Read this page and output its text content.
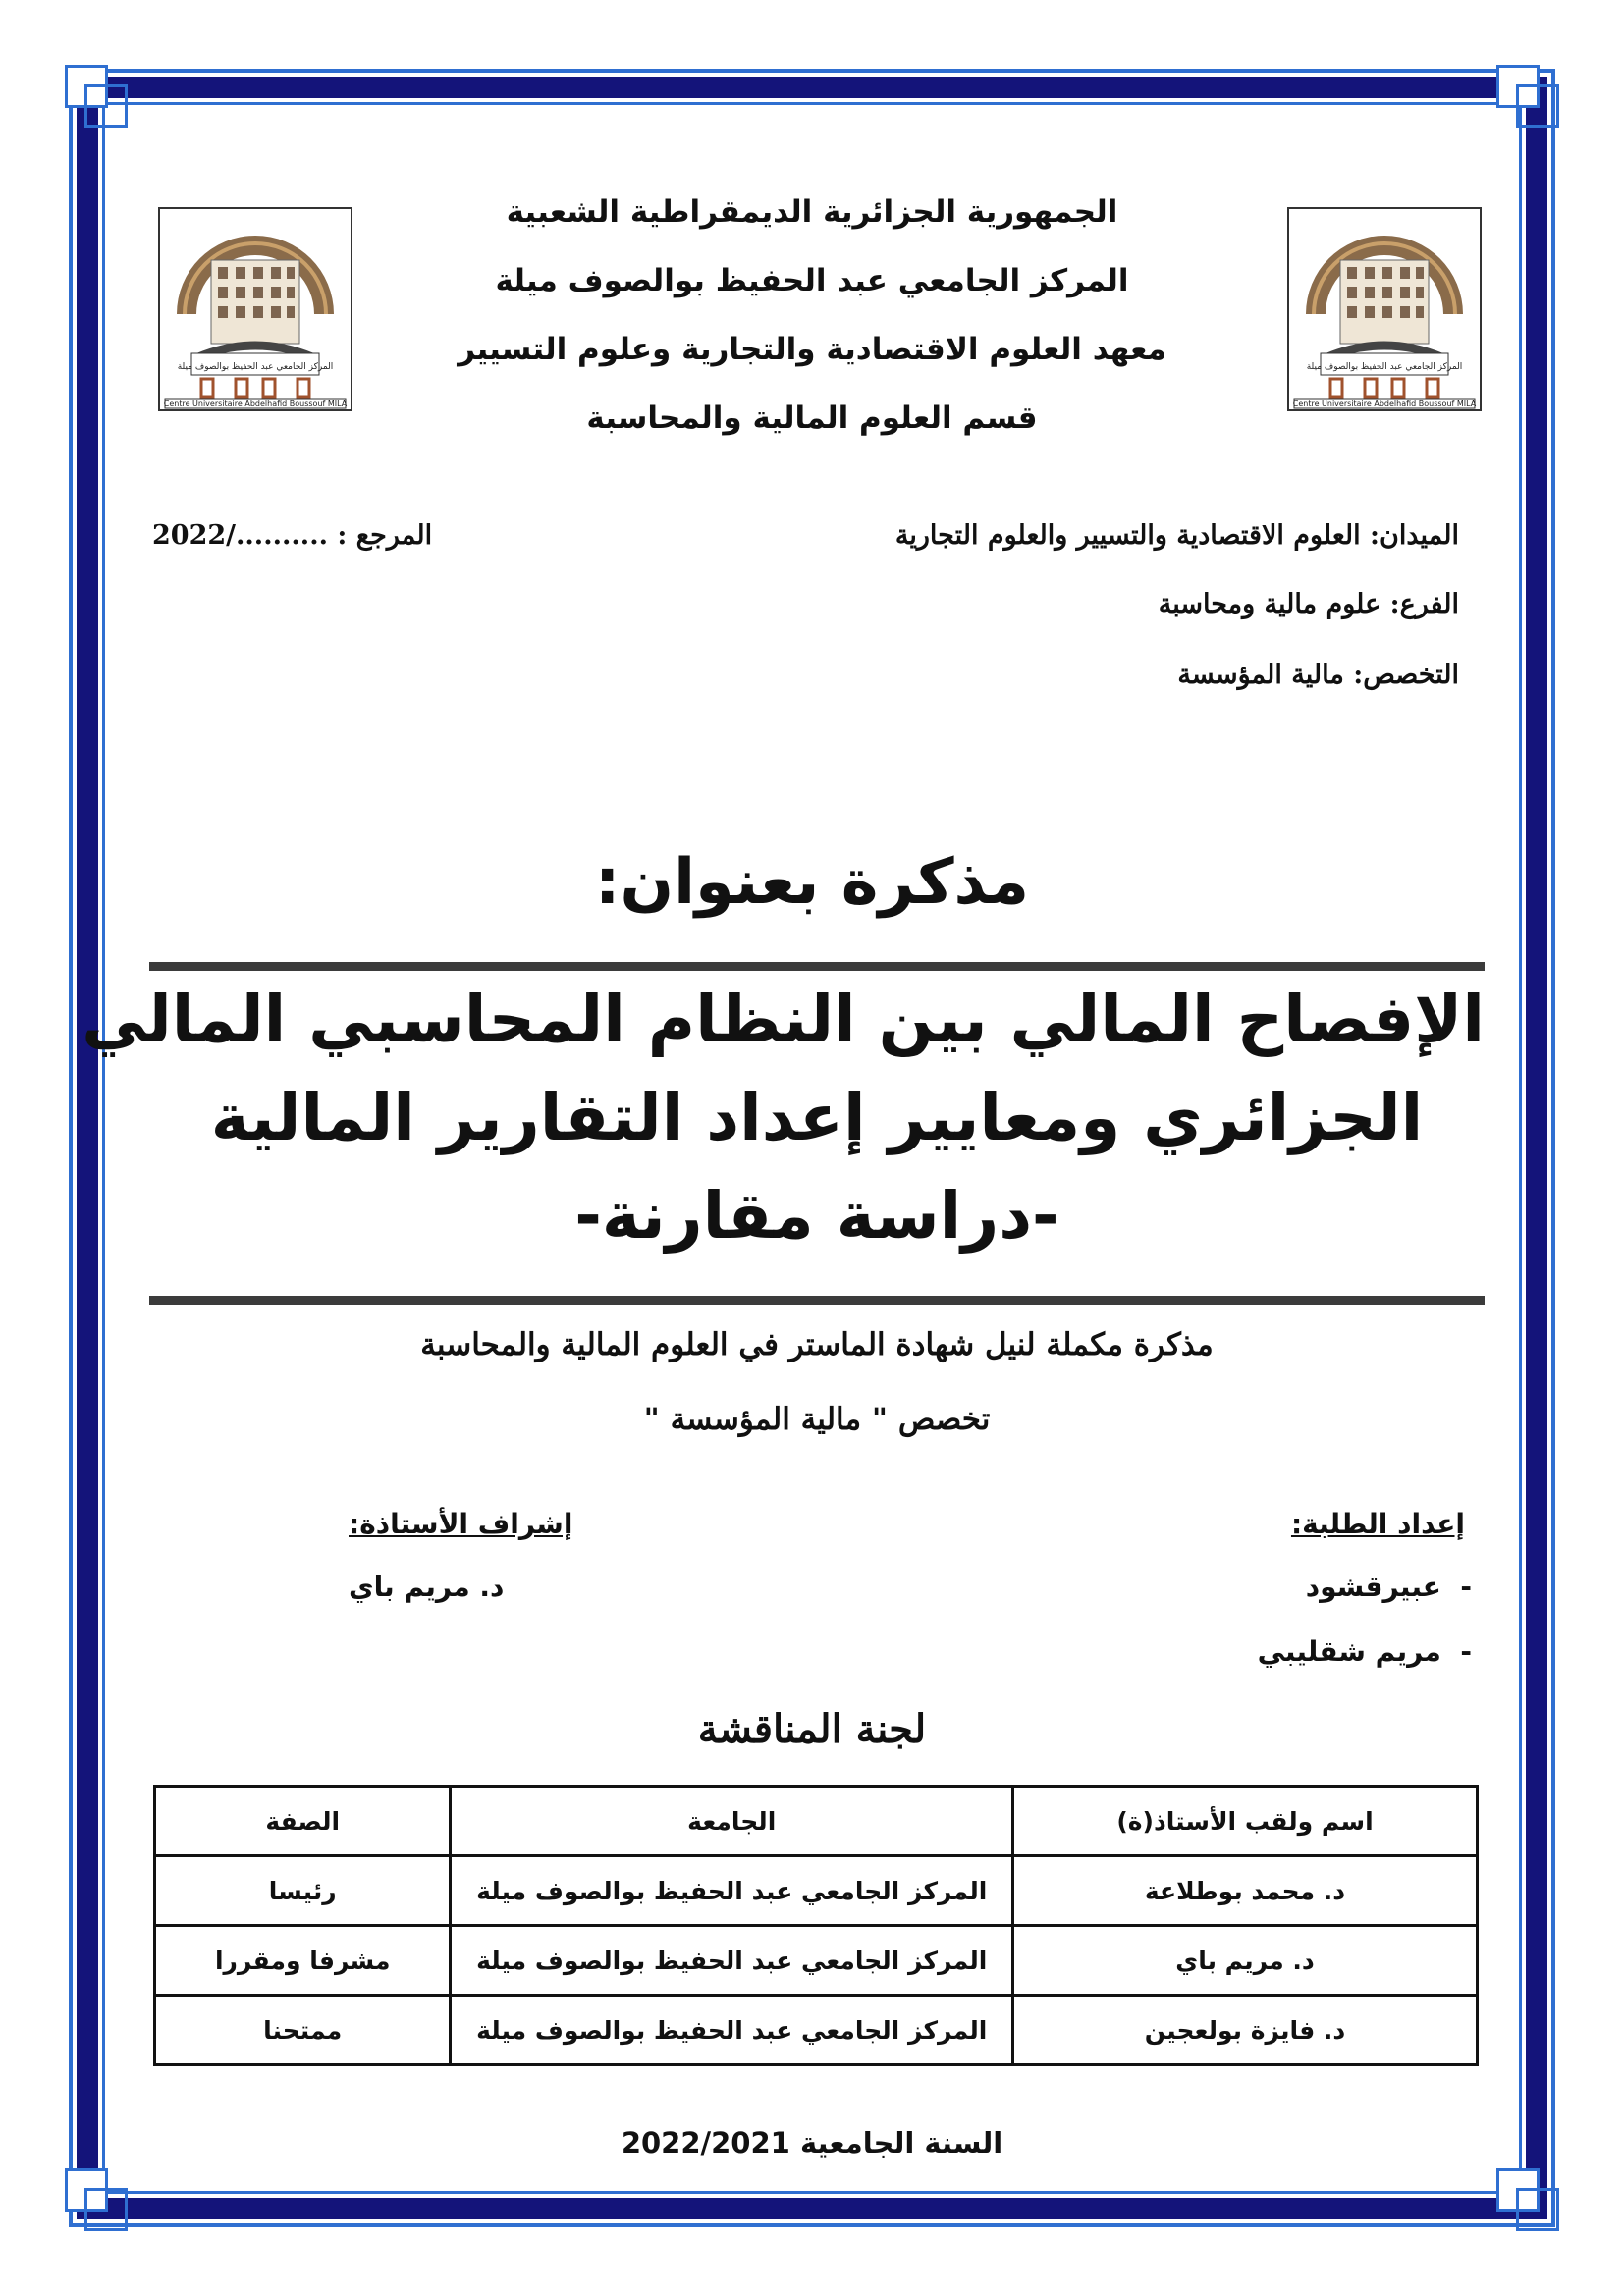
المركز الجامعي عبد الحفيظ بوالصوف ميلة
Centre Universitaire Abdelhafid Boussouf MILA
المركز الجامعي عبد الحفيظ بوالصوف ميلة
Centre Universitaire Abdelhafid Boussouf MILA
الجمهورية الجزائرية الديمقراطية الشعبية
المركز الجامعي عبد الحفيظ بوالصوف ميلة
معهد العلوم الاقتصادية والتجارية وعلوم التسيير
قسم العلوم المالية والمحاسبة
الميدان: العلوم الاقتصادية والتسيير والعلوم التجارية
الفرع: علوم مالية ومحاسبة
التخصص: مالية المؤسسة
المرجع : 2022/..........
مذكرة بعنوان:
الإفصاح المالي بين النظام المحاسبي المالي
الجزائري ومعايير إعداد التقارير المالية
-دراسة مقارنة-
مذكرة مكملة لنيل شهادة الماستر في العلوم المالية والمحاسبة
تخصص " مالية المؤسسة "
إعداد الطلبة:
إشراف الأستاذة:
-  عبيرقشود
-  مريم شقليبي
د. مريم باي
لجنة المناقشة
اسم ولقب الأستاذ(ة)	الجامعة	الصفة
د. محمد بوطلاعة	المركز الجامعي عبد الحفيظ بوالصوف ميلة	رئيسا
د. مريم باي	المركز الجامعي عبد الحفيظ بوالصوف ميلة	مشرفا ومقررا
د. فايزة بولعجين	المركز الجامعي عبد الحفيظ بوالصوف ميلة	ممتحنا
السنة الجامعية 2022/2021
